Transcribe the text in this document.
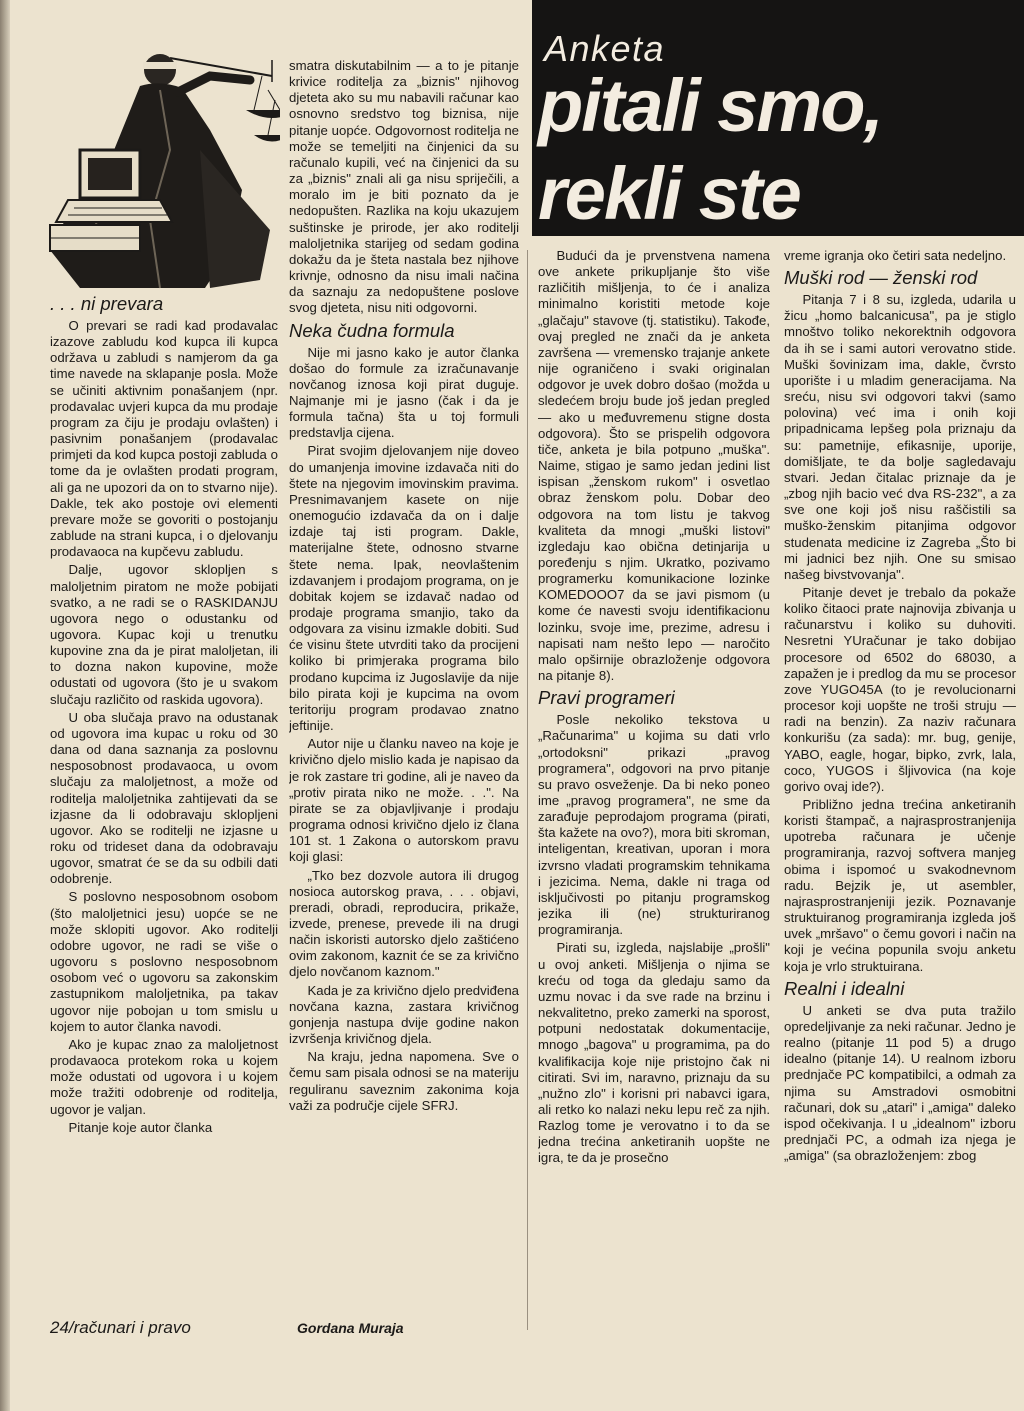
. . . ni prevara

O prevari se radi kad prodavalac izazove zabludu kod kupca ili kupca održava u zabludi s namjerom da ga time navede na sklapanje posla. Može se učiniti aktivnim ponašanjem (npr. prodavalac uvjeri kupca da mu prodaje program za čiju je prodaju ovlašten) i pasivnim ponašanjem (prodavalac primjeti da kod kupca postoji zabluda o tome da je ovlašten prodati program, ali ga ne upozori da on to stvarno nije). Dakle, tek ako postoje ovi elementi prevare može se govoriti o postojanju zablude na strani kupca, i o djelovanju prodavaoca na kupčevu zabludu.

Dalje, ugovor sklopljen s maloljetnim piratom ne može pobijati svatko, a ne radi se o RASKIDANJU ugovora nego o odustanku od ugovora. Kupac koji u trenutku kupovine zna da je pirat maloljetan, ili to dozna nakon kupovine, može odustati od ugovora (što je u svakom slučaju različito od raskida ugovora).

U oba slučaja pravo na odustanak od ugovora ima kupac u roku od 30 dana od dana saznanja za poslovnu nesposobnost prodavaoca, u ovom slučaju za maloljetnost, a može od roditelja maloljetnika zahtijevati da se izjasne da li odobravaju sklopljeni ugovor. Ako se roditelji ne izjasne u roku od trideset dana da odobravaju ugovor, smatrat će se da su odbili dati odobrenje.

S poslovno nesposobnom osobom (što maloljetnici jesu) uopće se ne može sklopiti ugovor. Ako roditelji odobre ugovor, ne radi se više o ugovoru s poslovno nesposobnom osobom već o ugovoru sa zakonskim zastupnikom maloljetnika, pa takav ugovor nije pobojan u tom smislu u kojem to autor članka navodi.

Ako je kupac znao za maloljetnost prodavaoca protekom roka u kojem može odustati od ugovora i u kojem može tražiti odobrenje od roditelja, ugovor je valjan.

Pitanje koje autor članka

smatra diskutabilnim — a to je pitanje krivice roditelja za „biznis" njihovog djeteta ako su mu nabavili računar kao osnovno sredstvo tog biznisa, nije pitanje uopće. Odgovornost roditelja ne može se temeljiti na činjenici da su računalo kupili, već na činjenici da su za „biznis" znali ali ga nisu spriječili, a moralo im je biti poznato da je nedopušten. Razlika na koju ukazujem suštinske je prirode, jer ako roditelji maloljetnika starijeg od sedam godina dokažu da je šteta nastala bez njihove krivnje, odnosno da nisu imali načina da saznaju za nedopuštene poslove svog djeteta, nisu niti odgovorni.

Neka čudna formula

Nije mi jasno kako je autor članka došao do formule za izračunavanje novčanog iznosa koji pirat duguje. Najmanje mi je jasno (čak i da je formula tačna) šta u toj formuli predstavlja cijena.

Pirat svojim djelovanjem nije doveo do umanjenja imovine izdavača niti do štete na njegovim imovinskim pravima. Presnimavanjem kasete on nije onemogućio izdavača da on i dalje izdaje taj isti program. Dakle, materijalne štete, odnosno stvarne štete nema. Ipak, neovlaštenim izdavanjem i prodajom programa, on je dobitak kojem se izdavač nadao od prodaje programa smanjio, tako da odgovara za visinu izmakle dobiti. Sud će visinu štete utvrditi tako da procijeni koliko bi primjeraka programa bilo prodano kupcima iz Jugoslavije da nije bilo pirata koji je kupcima na ovom teritoriju program prodavao znatno jeftinije.

Autor nije u članku naveo na koje je krivično djelo mislio kada je napisao da je rok zastare tri godine, ali je naveo da „protiv pirata niko ne može. . .". Na pirate se za objavljivanje i prodaju programa odnosi krivično djelo iz člana 101 st. 1 Zakona o autorskom pravu koji glasi:

„Tko bez dozvole autora ili drugog nosioca autorskog prava, . . . objavi, preradi, obradi, reproducira, prikaže, izvede, prenese, prevede ili na drugi način iskoristi autorsko djelo zaštićeno ovim zakonom, kaznit će se za krivično djelo novčanom kaznom."

Kada je za krivično djelo predviđena novčana kazna, zastara krivičnog gonjenja nastupa dvije godine nakon izvršenja krivičnog djela.

Na kraju, jedna napomena. Sve o čemu sam pisala odnosi se na materiju reguliranu saveznim zakonima koja važi za područje cijele SFRJ.

Anketa
pitali smo,
rekli ste

Budući da je prvenstvena namena ove ankete prikupljanje što više različitih mišljenja, to će i analiza minimalno koristiti metode koje „glačaju" stavove (tj. statistiku). Takođe, ovaj pregled ne znači da je anketa završena — vremensko trajanje ankete nije ograničeno i svaki originalan odgovor je uvek dobro došao (možda u sledećem broju bude još jedan pregled — ako u međuvremenu stigne dosta odgovora). Što se prispelih odgovora tiče, anketa je bila potpuno „muška". Naime, stigao je samo jedan jedini list ispisan „ženskom rukom" i osvetlao obraz ženskom polu. Dobar deo odgovora na tom listu je takvog kvaliteta da mnogi „muški listovi" izgledaju kao obična detinjarija u poređenju s njim. Ukratko, pozivamo programerku komunikacione lozinke KOMEDOOO7 da se javi pismom (u kome će navesti svoju identifikacionu lozinku, svoje ime, prezime, adresu i napisati nam nešto lepo — naročito malo opširnije obrazloženje odgovora na pitanje 8).

Pravi programeri

Posle nekoliko tekstova u „Računarima" u kojima su dati vrlo „ortodoksni" prikazi „pravog programera", odgovori na prvo pitanje su pravo osveženje. Da bi neko poneo ime „pravog programera", ne sme da zarađuje peprodajom programa (pirati, šta kažete na ovo?), mora biti skroman, inteligentan, kreativan, uporan i mora izvrsno vladati programskim tehnikama i jezicima. Nema, dakle ni traga od isključivosti po pitanju programskog jezika ili (ne) strukturiranog programiranja.

Pirati su, izgleda, najslabije „prošli" u ovoj anketi. Mišljenja o njima se kreću od toga da gledaju samo da uzmu novac i da sve rade na brzinu i nekvalitetno, preko zamerki na sporost, potpuni nedostatak dokumentacije, mnogo „bagova" u programima, pa do kvalifikacija koje nije pristojno čak ni citirati. Svi im, naravno, priznaju da su „nužno zlo" i korisni pri nabavci igara, ali retko ko nalazi neku lepu reč za njih. Razlog tome je verovatno i to da se jedna trećina anketiranih uopšte ne igra, te da je prosečno

vreme igranja oko četiri sata nedeljno.

Muški rod — ženski rod

Pitanja 7 i 8 su, izgleda, udarila u žicu „homo balcanicusa", pa je stiglo mnoštvo toliko nekorektnih odgovora da ih se i sami autori verovatno stide. Muški šovinizam ima, dakle, čvrsto uporište i u mladim generacijama. Na sreću, nisu svi odgovori takvi (samo polovina) već ima i onih koji pripadnicama lepšeg pola priznaju da su: pametnije, efikasnije, uporije, domišljate, te da bolje sagledavaju stvari. Jedan čitalac priznaje da je „zbog njih bacio već dva RS-232", a za sve one koji još nisu raščistili sa muško-ženskim pitanjima odgovor studenata medicine iz Zagreba „Što bi mi jadnici bez njih. One su smisao našeg bivstvovanja".

Pitanje devet je trebalo da pokaže koliko čitaoci prate najnovija zbivanja u računarstvu i koliko su duhoviti. Nesretni YUračunar je tako dobijao procesore od 6502 do 68030, a zapažen je i predlog da mu se procesor zove YUGO45A (to je revolucionarni procesor koji uopšte ne troši struju — radi na benzin). Za naziv računara konkurišu (za sada): mr. bug, genije, YABO, eagle, hogar, bipko, zvrk, lala, coco, YUGOS i šljivovica (na koje gorivo ovaj ide?).

Približno jedna trećina anketiranih koristi štampač, a najrasprostranjenija upotreba računara je učenje programiranja, razvoj softvera manjeg obima i ispomoć u svakodnevnom radu. Bejzik je, ut asembler, najrasprostranjeniji jezik. Poznavanje struktuiranog programiranja izgleda još uvek „mršavo" o čemu govori i način na koji je većina popunila svoju anketu koja je vrlo struktuirana.

Realni i idealni

U anketi se dva puta tražilo opredeljivanje za neki računar. Jedno je realno (pitanje 11 pod 5) a drugo idealno (pitanje 14). U realnom izboru prednjače PC kompatibilci, a odmah za njima su Amstradovi osmobitni računari, dok su „atari" i „amiga" daleko ispod očekivanja. I u „idealnom" izboru prednjači PC, a odmah iza njega je „amiga" (sa obrazloženjem: zbog

24/računari i pravo	Gordana Muraja
